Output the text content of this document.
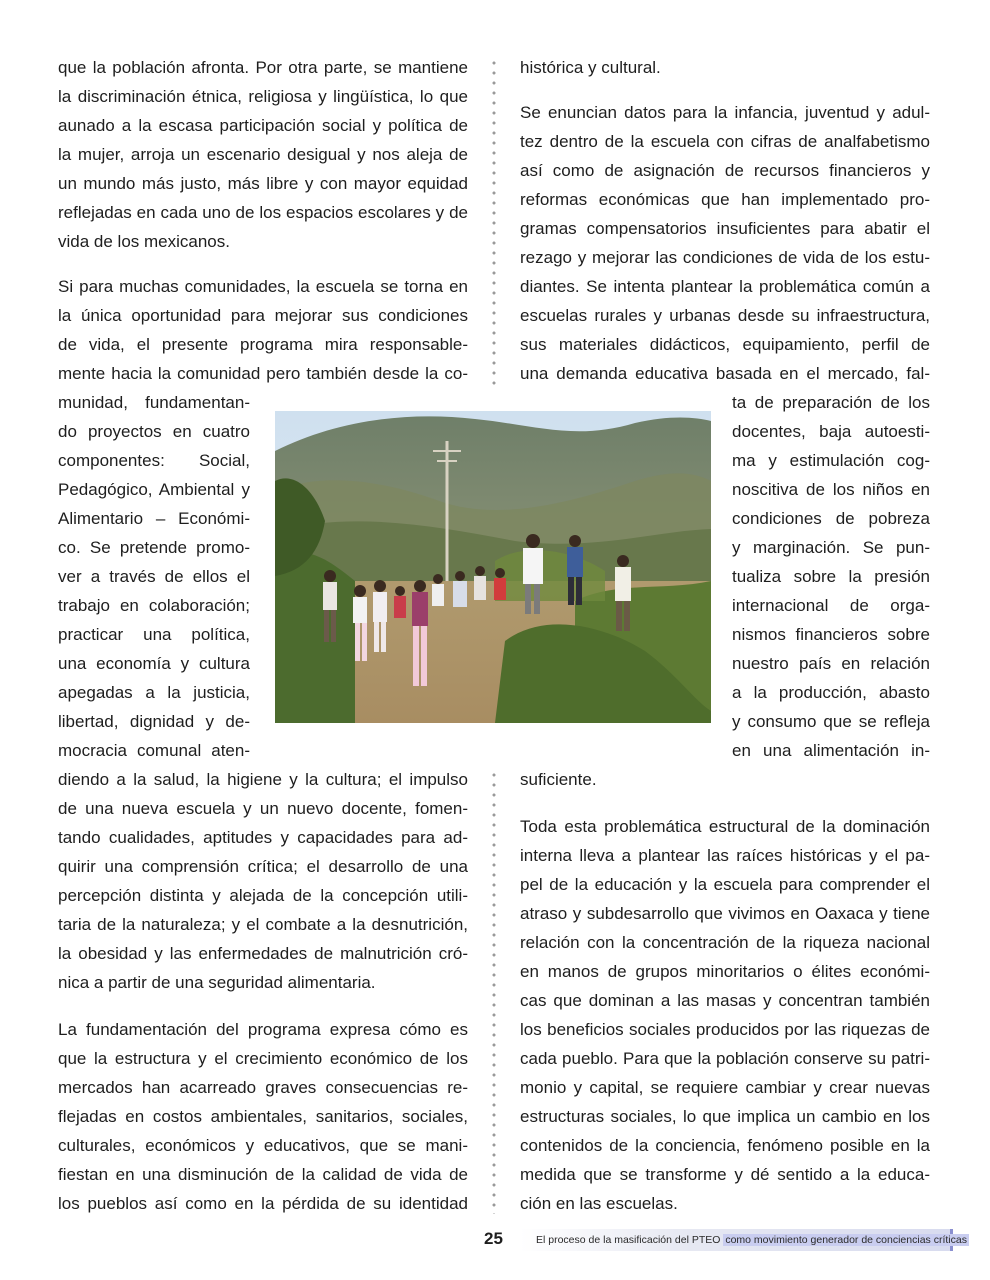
que la población afronta. Por otra parte, se mantiene

la discriminación étnica, religiosa y lingüística, lo que

aunado a la escasa participación social y política de

la mujer, arroja un escenario desigual y nos aleja de

un mundo más justo, más libre y con mayor equidad

reflejadas en cada uno de los espacios escolares y de

vida de los mexicanos.

Si para muchas comunidades, la escuela se torna en

la única oportunidad para mejorar sus condiciones

de vida, el presente programa mira responsable-

mente hacia la comunidad pero también desde la co-

munidad, fundamentan-

do proyectos en cuatro

componentes: Social,

Pedagógico, Ambiental y

Alimentario – Económi-

co. Se pretende promo-

ver a través de ellos el

trabajo en colaboración;

practicar una política,

una economía y cultura

apegadas a la justicia,

libertad, dignidad y de-

mocracia comunal aten-

diendo a la salud, la higiene y la cultura; el impulso

de una nueva escuela y un nuevo docente, fomen-

tando cualidades, aptitudes y capacidades para ad-

quirir una comprensión crítica; el desarrollo de una

percepción distinta y alejada de la concepción utili-

taria de la naturaleza; y el combate a la desnutrición,

la obesidad y las enfermedades de malnutrición cró-

nica a partir de una seguridad alimentaria.

La fundamentación del programa expresa cómo es

que la estructura y el crecimiento económico de los

mercados han acarreado graves consecuencias re-

flejadas en costos ambientales, sanitarios, sociales,

culturales, económicos y educativos, que se mani-

fiestan en una disminución de la calidad de vida de

los pueblos así como en la pérdida de su identidad

histórica y cultural.

Se enuncian datos para la infancia, juventud y adul-

tez dentro de la escuela con cifras de analfabetismo

así como de asignación de recursos financieros y

reformas económicas que han implementado pro-

gramas compensatorios insuficientes para abatir el

rezago y mejorar las condiciones de vida de los estu-

diantes. Se intenta plantear la problemática común a

escuelas rurales y urbanas desde su infraestructura,

sus materiales didácticos, equipamiento, perfil de

una demanda educativa basada en el mercado, fal-

ta de preparación de los

docentes, baja autoesti-

ma y estimulación cog-

noscitiva de los niños en

condiciones de pobreza

y marginación. Se pun-

tualiza sobre la presión

internacional de orga-

nismos financieros sobre

nuestro país en relación

a la producción, abasto

y consumo que se refleja

en una alimentación in-

suficiente.

Toda esta problemática estructural de la dominación

interna lleva a plantear las raíces históricas y el pa-

pel de la educación y la escuela para comprender el

atraso y subdesarrollo que vivimos en Oaxaca y tiene

relación con la concentración de la riqueza nacional

en manos de grupos minoritarios o élites económi-

cas que dominan a las masas y concentran también

los beneficios sociales producidos por las riquezas de

cada pueblo. Para que la población conserve su patri-

monio y capital, se requiere cambiar y crear nuevas

estructuras sociales, lo que implica un cambio en los

contenidos de la conciencia, fenómeno posible en la

medida que se transforme y dé sentido a la educa-

ción en las escuelas.

25	El proceso de la masificación del PTEO como movimiento generador de conciencias críticas
